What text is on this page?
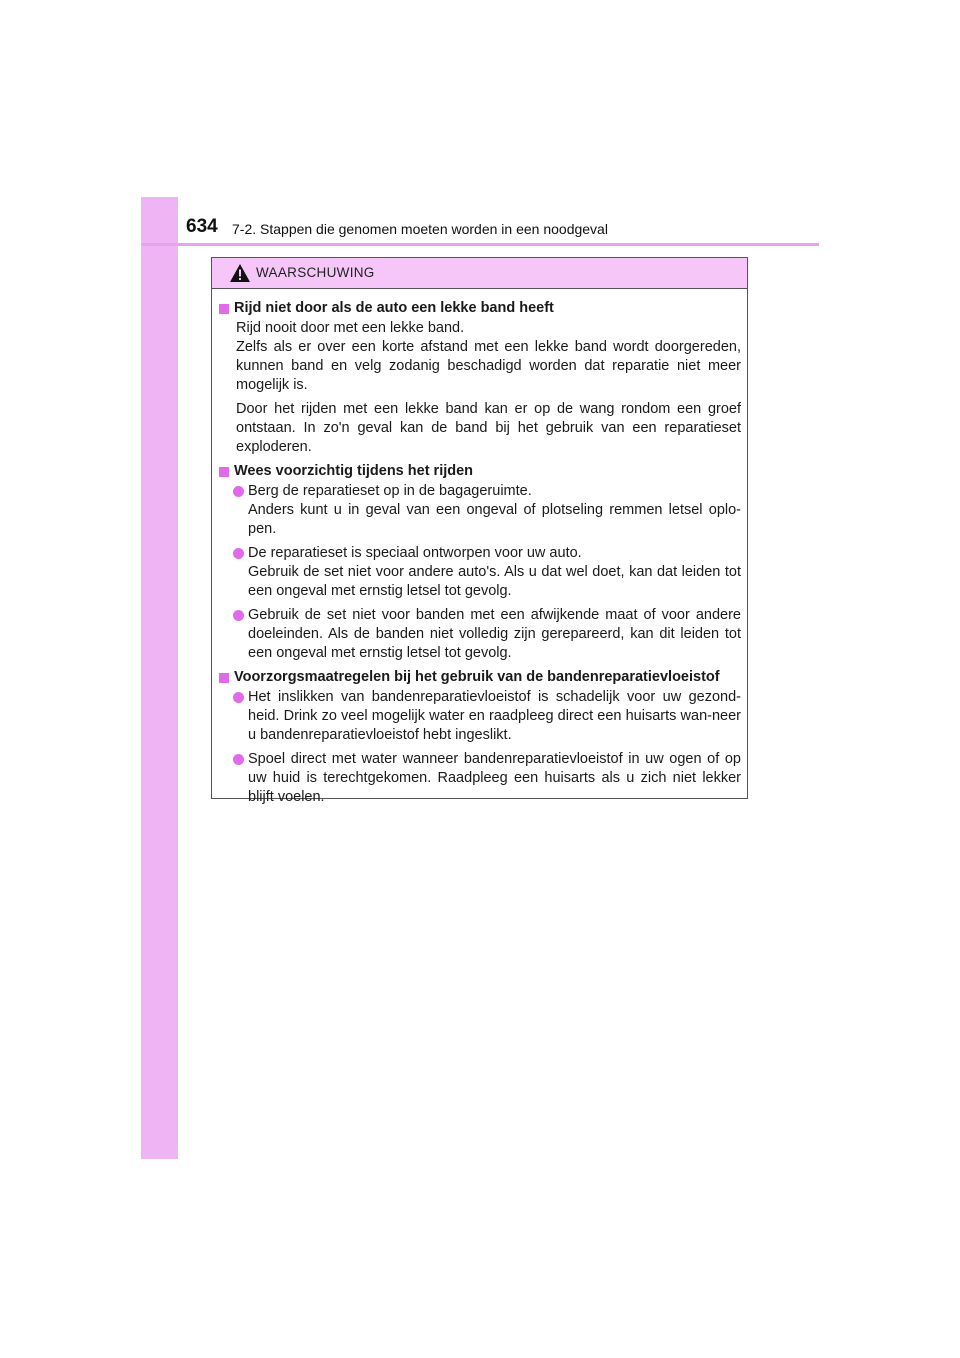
634 7-2. Stappen die genomen moeten worden in een noodgeval
WAARSCHUWING
Rijd niet door als de auto een lekke band heeft
Rijd nooit door met een lekke band.
Zelfs als er over een korte afstand met een lekke band wordt doorgereden, kunnen band en velg zodanig beschadigd worden dat reparatie niet meer mogelijk is.
Door het rijden met een lekke band kan er op de wang rondom een groef ontstaan. In zo'n geval kan de band bij het gebruik van een reparatieset exploderen.
Wees voorzichtig tijdens het rijden
Berg de reparatieset op in de bagageruimte.
Anders kunt u in geval van een ongeval of plotseling remmen letsel oplo-pen.
De reparatieset is speciaal ontworpen voor uw auto.
Gebruik de set niet voor andere auto's. Als u dat wel doet, kan dat leiden tot een ongeval met ernstig letsel tot gevolg.
Gebruik de set niet voor banden met een afwijkende maat of voor andere doeleinden. Als de banden niet volledig zijn gerepareerd, kan dit leiden tot een ongeval met ernstig letsel tot gevolg.
Voorzorgsmaatregelen bij het gebruik van de bandenreparatievloeistof
Het inslikken van bandenreparatievloeistof is schadelijk voor uw gezond-heid. Drink zo veel mogelijk water en raadpleeg direct een huisarts wan-neer u bandenreparatievloeistof hebt ingeslikt.
Spoel direct met water wanneer bandenreparatievloeistof in uw ogen of op uw huid is terechtgekomen. Raadpleeg een huisarts als u zich niet lekker blijft voelen.
